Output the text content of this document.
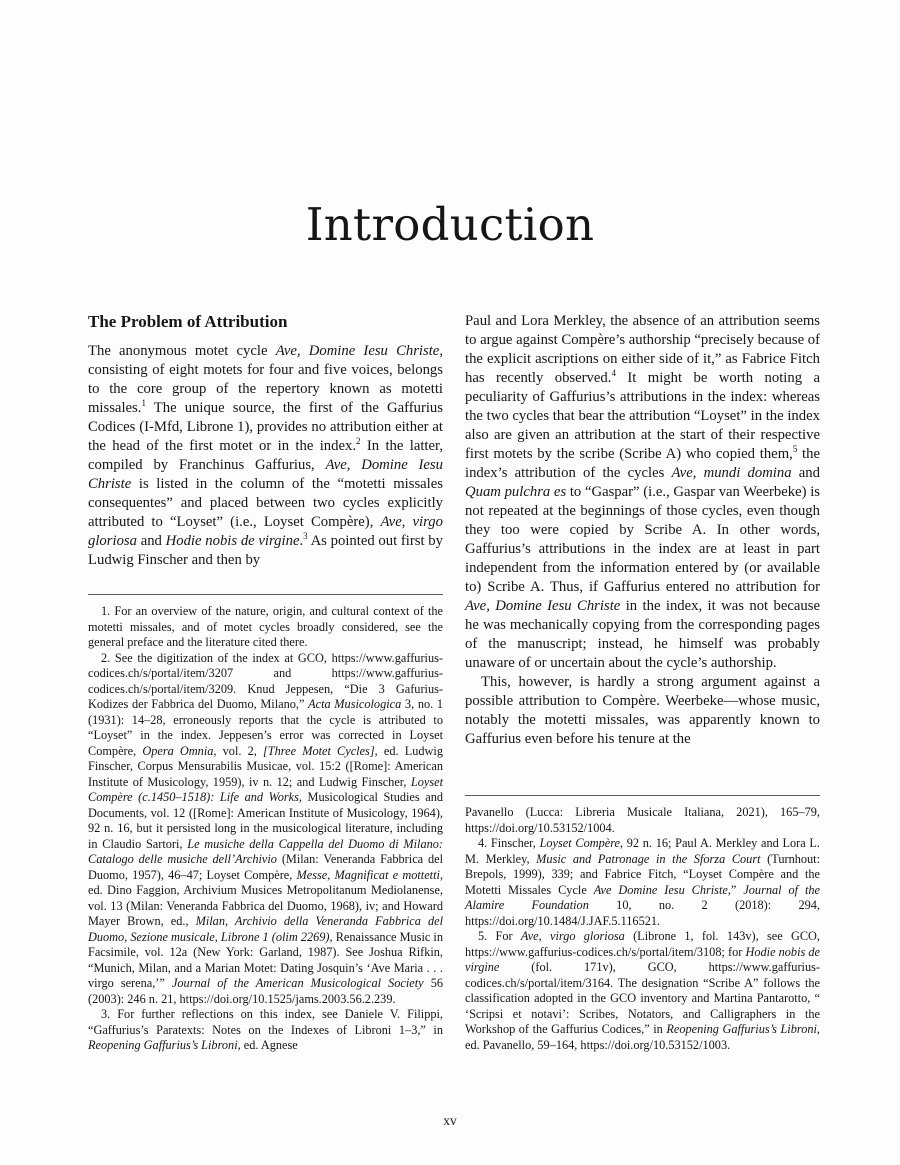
Introduction
The Problem of Attribution

The anonymous motet cycle Ave, Domine Iesu Christe, consisting of eight motets for four and five voices, belongs to the core group of the repertory known as motetti missales.$^1$ The unique source, the first of the Gaffurius Codices (I-Mfd, Librone 1), provides no attribution either at the head of the first motet or in the index.$^2$ In the latter, compiled by Franchinus Gaffurius, Ave, Domine Iesu Christe is listed in the column of the “motetti missales consequentes” and placed between two cycles explicitly attributed to “Loyset” (i.e., Loyset Compère), Ave, virgo gloriosa and Hodie nobis de virgine.$^3$ As pointed out first by Ludwig Finscher and then by

1. For an overview of the nature, origin, and cultural context of the motetti missales, and of motet cycles broadly considered, see the general preface and the literature cited there.

2. See the digitization of the index at GCO, https://www.gaffurius-codices.ch/s/portal/item/3207 and https://www.gaffurius-codices.ch/s/portal/item/3209. Knud Jeppesen, “Die 3 Gafurius-Kodizes der Fabbrica del Duomo, Milano,” Acta Musicologica 3, no. 1 (1931): 14–28, erroneously reports that the cycle is attributed to “Loyset” in the index. Jeppesen’s error was corrected in Loyset Compère, Opera Omnia, vol. 2, [Three Motet Cycles], ed. Ludwig Finscher, Corpus Mensurabilis Musicae, vol. 15:2 ([Rome]: American Institute of Musicology, 1959), iv n. 12; and Ludwig Finscher, Loyset Compère (c.1450–1518): Life and Works, Musicological Studies and Documents, vol. 12 ([Rome]: American Institute of Musicology, 1964), 92 n. 16, but it persisted long in the musicological literature, including in Claudio Sartori, Le musiche della Cappella del Duomo di Milano: Catalogo delle musiche dell’Archivio (Milan: Veneranda Fabbrica del Duomo, 1957), 46–47; Loyset Compère, Messe, Magnificat e mottetti, ed. Dino Faggion, Archivium Musices Metropolitanum Mediolanense, vol. 13 (Milan: Veneranda Fabbrica del Duomo, 1968), iv; and Howard Mayer Brown, ed., Milan, Archivio della Veneranda Fabbrica del Duomo, Sezione musicale, Librone 1 (olim 2269), Renaissance Music in Facsimile, vol. 12a (New York: Garland, 1987). See Joshua Rifkin, “Munich, Milan, and a Marian Motet: Dating Josquin’s ‘Ave Maria . . . virgo serena,’” Journal of the American Musicological Society 56 (2003): 246 n. 21, https://doi.org/10.1525/jams.2003.56.2.239.

3. For further reflections on this index, see Daniele V. Filippi, “Gaffurius’s Paratexts: Notes on the Indexes of Libroni 1–3,” in Reopening Gaffurius’s Libroni, ed. Agnese

Paul and Lora Merkley, the absence of an attribution seems to argue against Compère’s authorship “precisely because of the explicit ascriptions on either side of it,” as Fabrice Fitch has recently observed.$^4$ It might be worth noting a peculiarity of Gaffurius’s attributions in the index: whereas the two cycles that bear the attribution “Loyset” in the index also are given an attribution at the start of their respective first motets by the scribe (Scribe A) who copied them,$^5$ the index’s attribution of the cycles Ave, mundi domina and Quam pulchra es to “Gaspar” (i.e., Gaspar van Weerbeke) is not repeated at the beginnings of those cycles, even though they too were copied by Scribe A. In other words, Gaffurius’s attributions in the index are at least in part independent from the information entered by (or available to) Scribe A. Thus, if Gaffurius entered no attribution for Ave, Domine Iesu Christe in the index, it was not because he was mechanically copying from the corresponding pages of the manuscript; instead, he himself was probably unaware of or uncertain about the cycle’s authorship.

This, however, is hardly a strong argument against a possible attribution to Compère. Weerbeke—whose music, notably the motetti missales, was apparently known to Gaffurius even before his tenure at the

Pavanello (Lucca: Libreria Musicale Italiana, 2021), 165–79, https://doi.org/10.53152/1004.

4. Finscher, Loyset Compère, 92 n. 16; Paul A. Merkley and Lora L. M. Merkley, Music and Patronage in the Sforza Court (Turnhout: Brepols, 1999), 339; and Fabrice Fitch, “Loyset Compère and the Motetti Missales Cycle Ave Domine Iesu Christe,” Journal of the Alamire Foundation 10, no. 2 (2018): 294, https://doi.org/10.1484/J.JAF.5.116521.

5. For Ave, virgo gloriosa (Librone 1, fol. 143v), see GCO, https://www.gaffurius-codices.ch/s/portal/item/3108; for Hodie nobis de virgine (fol. 171v), GCO, https://www.gaffurius-codices.ch/s/portal/item/3164. The designation “Scribe A” follows the classification adopted in the GCO inventory and Martina Pantarotto, “ ‘Scripsi et notavi’: Scribes, Notators, and Calligraphers in the Workshop of the Gaffurius Codices,” in Reopening Gaffurius’s Libroni, ed. Pavanello, 59–164, https://doi.org/10.53152/1003.

xv
